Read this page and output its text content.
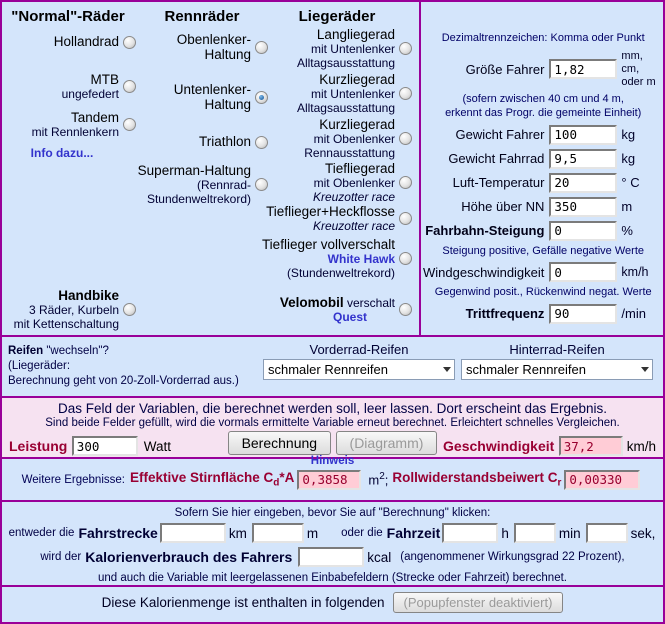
"Normal"-Räder
Hollandrad
MTB
ungefedert
Tandem
mit Rennlenkern
Info dazu...
Handbike
3 Räder, Kurbeln
mit Kettenschaltung
Rennräder
Obenlenker-
Haltung
Untenlenker-
Haltung
Triathlon
Superman-Haltung
(Rennrad-
Stundenweltrekord)
Liegeräder
Langliegerad
mit Untenlenker
Alltagsausstattung
Kurzliegerad
mit Untenlenker
Alltagsausstattung
Kurzliegerad
mit Obenlenker
Rennausstattung
Tiefliegerad
mit Obenlenker
Kreuzotter race
Tieflieger+Heckflosse
Kreuzotter race
Tieflieger vollverschalt
White Hawk
(Stundenweltrekord)
Velomobil verschalt
Quest
Dezimaltrennzeichen: Komma oder Punkt
Größe Fahrer
1,82
mm, cm,
oder m
(sofern zwischen 40 cm und 4 m,
erkennt das Progr. die gemeinte Einheit)
Gewicht Fahrer
100	kg
Gewicht Fahrrad
9,5	kg
Luft-Temperatur
20	° C
Höhe über NN
350	m
Fahrbahn-Steigung
0	%
Steigung positive, Gefälle negative Werte
Windgeschwindigkeit
0	km/h
Gegenwind posit., Rückenwind negat. Werte
Trittfrequenz
90	/min
Reifen "wechseln"?
(Liegeräder:
Berechnung geht von 20-Zoll-Vorderrad aus.)
Vorderrad-Reifen
schmaler Rennreifen
Hinterrad-Reifen
schmaler Rennreifen
Das Feld der Variablen, die berechnet werden soll, leer lassen. Dort erscheint das Ergebnis.
Sind beide Felder gefüllt, wird die vormals ermittelte Variable erneut berechnet. Erleichtert schnelles Vergleichen.
Leistung

300	Watt	Berechnung (Diagramm)
Hinweis
Geschwindigkeit

37,2	km/h
Weitere Ergebnisse: Effektive Stirnfläche $C_d*A$
0,3858	$m^2$; Rollwiderstandsbeiwert $C_r$
0,00330
Sofern Sie hier eingeben, bevor Sie auf "Berechnung" klicken:
entweder die Fahrstrecke	km	m oder die Fahrzeit	h	min	sek,
wird der Kalorienverbrauch des Fahrers	kcal (angenommener Wirkungsgrad 22 Prozent),
und auch die Variable mit leergelassenen Einbabefeldern (Strecke oder Fahrzeit) berechnet.
Diese Kalorienmenge ist enthalten in folgenden	(Popupfenster deaktiviert)
